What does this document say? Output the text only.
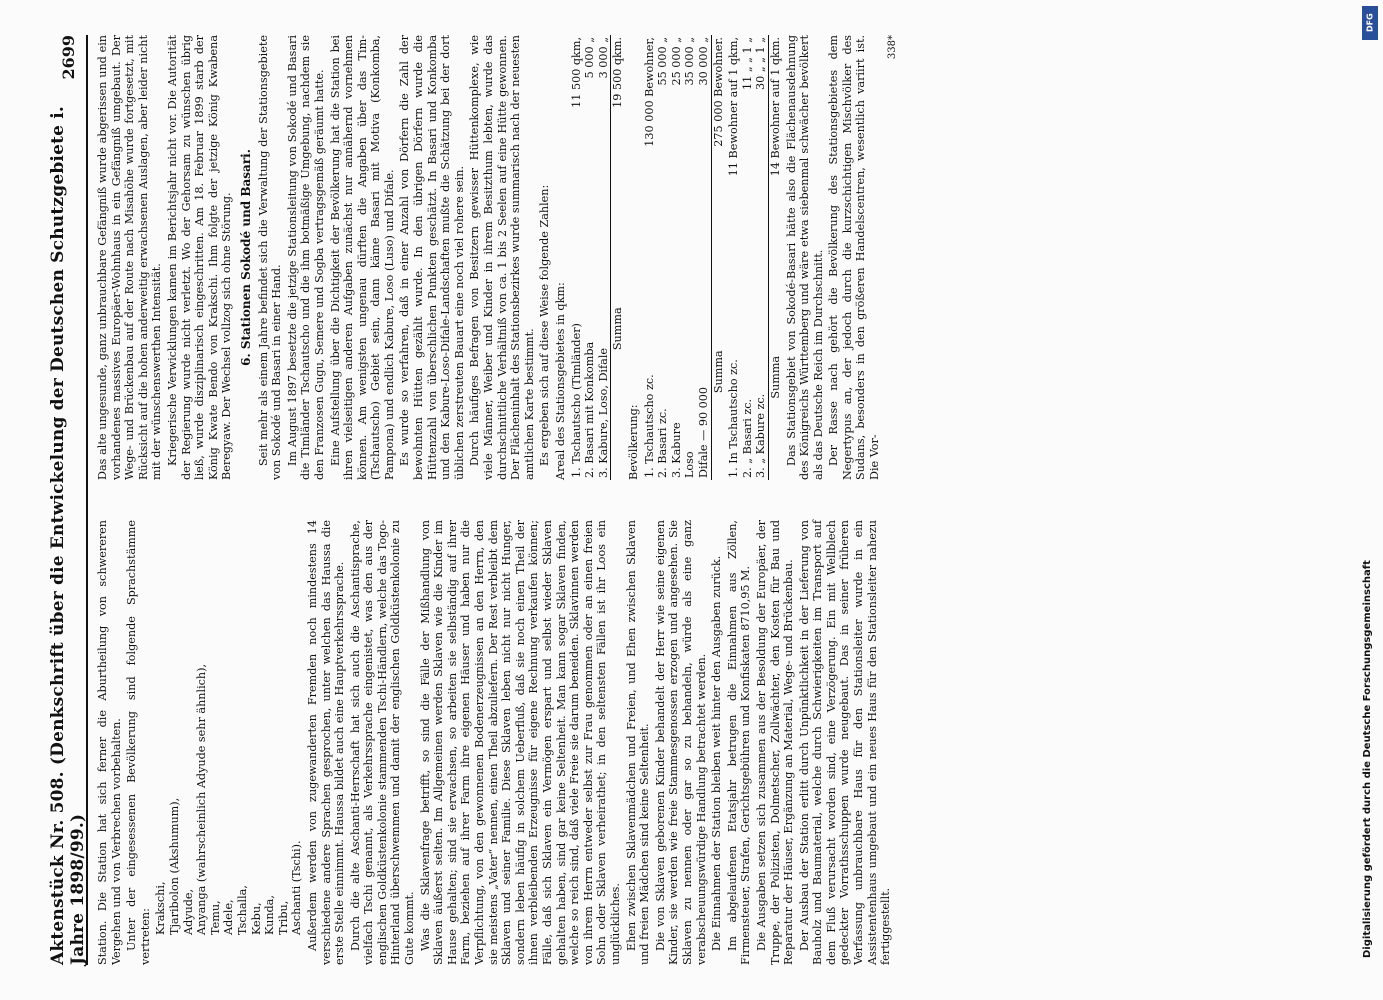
Aktenstück Nr. 508. (Denkschrift über die Entwickelung der Deutschen Schutzgebiete i. Jahre 1898/99.)
2699

Station. Die Station hat sich ferner die Aburtheilung von schwereren Vergehen und von Verbrechen vorbehalten. Unter der eingesessenen Bevölkerung sind folgende Sprachstämme vertreten: Krakschi, Tjaribolon (Akshumum), Adyude, Anyanga (wahrscheinlich Adyude sehr ähnlich), Temu, Adele, Tschalla, Kebu, Kunda, Tribu, Aschanti (Tschi). Außerdem werden von zugewanderten Fremden noch mindestens 14 verschiedene andere Sprachen gesprochen, unter welchen das Haussa die erste Stelle einnimmt. Haussa bildet auch eine Hauptverkehrssprache. Durch die alte Aschanti-Herrschaft hat sich auch die Aschantisprache, vielfach Tschi genannt, als Verkehrssprache eingenistet, was den aus der englischen Goldküstenkolonie stammenden Tschi-Händlern, welche das Togo-Hinterland überschwemmen und damit der englischen Goldküstenkolonie zu Gute kommt. Was die Sklavenfrage betrifft, so sind die Fälle der Mißhandlung von Sklaven äußerst selten. Im Allgemeinen werden Sklaven wie die Kinder im Hause gehalten; sind sie erwachsen, so arbeiten sie selbständig auf ihrer Farm, beziehen auf ihrer Farm ihre eigenen Häuser und haben nur die Verpflichtung, von den gewonnenen Bodenerzeugnissen an den Herrn, den sie meistens „Vater“ nennen, einen Theil abzuliefern. Der Rest verbleibt dem Sklaven und seiner Familie. Diese Sklaven leben nicht nur nicht Hunger, sondern leben häufig in solchem Ueberfluß, daß sie noch einen Theil der ihnen verbleibenden Erzeugnisse für eigene Rechnung verkaufen können; Fälle, daß sich Sklaven ein Vermögen erspart und selbst wieder Sklaven gehalten haben, sind gar keine Seltenheit. Man kann sogar Sklaven finden, welche so reich sind, daß viele Freie sie darum beneiden. Sklavinnen werden von ihrem Herrn entweder selbst zur Frau genommen oder an einen freien Sohn oder Sklaven verheirathet; in den seltensten Fällen ist ihr Loos ein unglückliches. Ehen zwischen Sklavenmädchen und Freien, und Ehen zwischen Sklaven und freien Mädchen sind keine Seltenheit. Die von Sklaven geborenen Kinder behandelt der Herr wie seine eigenen Kinder, sie werden wie freie Stammesgenossen erzogen und angesehen. Sie Sklaven zu nennen oder gar so zu behandeln, würde als eine ganz verabscheuungswürdige Handlung betrachtet werden. Die Einnahmen der Station bleiben weit hinter den Ausgaben zurück. Im abgelaufenen Etatsjahr betrugen die Einnahmen aus Zöllen, Firmensteuer, Strafen, Gerichtsgebühren und Konfiskaten 8710,95 M. Die Ausgaben setzen sich zusammen aus der Besoldung der Europäer, der Truppe, der Polizisten, Dolmetscher, Zollwächter, den Kosten für Bau und Reparatur der Häuser, Ergänzung an Material, Wege- und Brückenbau. Der Ausbau der Station erlitt durch Unpünktlichkeit in der Lieferung von Bauholz und Baumaterial, welche durch Schwierigkeiten im Transport auf dem Fluß verursacht worden sind, eine Verzögerung. Ein mit Wellblech gedeckter Vorrathsschuppen wurde neugebaut. Das in seiner früheren Verfassung unbrauchbare Haus für den Stationsleiter wurde in ein Assistentenhaus umgebaut und ein neues Haus für den Stationsleiter nahezu fertiggestellt.

Das alte ungesunde, ganz unbrauchbare Gefängniß wurde abgerissen und ein vorhandenes massives Europäer-Wohnhaus in ein Gefängniß umgebaut. Der Wege- und Brückenbau auf der Route nach Misahöhe wurde fortgesetzt, mit Rücksicht auf die hohen anderweitig erwachsenen Auslagen, aber leider nicht mit der wünschenswerthen Intensität. Kriegerische Verwicklungen kamen im Berichtsjahr nicht vor. Die Autorität der Regierung wurde nicht verletzt. Wo der Gehorsam zu wünschen übrig ließ, wurde disziplinarisch eingeschritten. Am 18. Februar 1899 starb der König Kwate Bendo von Krakschi. Ihm folgte der jetzige König Kwabena Beregyaw. Der Wechsel vollzog sich ohne Störung. 6. Stationen Sokodé und Basari. Seit mehr als einem Jahre befindet sich die Verwaltung der Stationsgebiete von Sokodé und Basari in einer Hand. Im August 1897 besetzte die jetzige Stationsleitung von Sokodé und Basari die Timländer Tschautscho und die ihm botmäßige Umgebung, nachdem sie den Franzosen Gugu, Semere und Sogba vertragsgemäß geräumt hatte. Eine Aufstellung über die Dichtigkeit der Bevölkerung hat die Station bei ihren vielseitigen anderen Aufgaben zunächst nur annähernd vornehmen können. Am wenigsten ungenau dürften die Angaben über das Tim-(Tschautscho) Gebiet sein, dann käme Basari mit Motiva (Konkomba, Pampona) und endlich Kabure, Loso (Luso) und Difale. Es wurde so verfahren, daß in einer Anzahl von Dörfern die Zahl der bewohnten Hütten gezählt wurde. In den übrigen Dörfern wurde die Hüttenzahl von überschlichen Punkten geschätzt. In Basari und Konkomba und den Kabure-Loso-Difale-Landschaften mußte die Schätzung bei der dort üblichen zerstreuten Bauart eine noch viel rohere sein. Durch häufiges Befragen von Besitzern gewisser Hüttenkomplexe, wie viele Männer, Weiber und Kinder in ihrem Besitzthum lebten, wurde das durchschnittliche Verhältniß von ca. 1 bis 2 Seelen auf eine Hütte gewonnen. Der Flächeninhalt des Stationsbezirkes wurde summarisch nach der neuesten amtlichen Karte bestimmt. Es ergeben sich auf diese Weise folgende Zahlen: Areal des Stationsgebietes in qkm: 1. Tschautscho (Timländer)	11 500 qkm,
2. Basari mit Konkomba	5 000 „
3. Kabure, Loso, Difale	3 000 „
Summa	19 500 qkm.

Bevölkerung: 1. Tschautscho zc.	130 000 Bewohner,
2. Basari zc.	55 000 „
3. Kabure	25 000 „
Loso	35 000 „
Difale — 90 000	30 000 „
Summa	275 000 Bewohner.
1. In Tschautscho zc.	11 Bewohner auf 1 qkm,
2. „ Basari zc.	11 „ „ 1 „
3. „ Kabure zc.	30 „ „ 1 „
Summa	14 Bewohner auf 1 qkm. Das Stationsgebiet von Sokodé-Basari hätte also die Flächenausdehnung des Königreichs Württemberg und wäre etwa siebenmal schwächer bevölkert als das Deutsche Reich im Durchschnitt. Der Rasse nach gehört die Bevölkerung des Stationsgebietes dem Negertypus an, der jedoch durch die kurzschichtigen Mischvölker des Sudans, besonders in den größeren Handelscentren, wesentlich variirt ist. Die Vor-

338*
DFG
Digitalisierung gefördert durch die Deutsche Forschungsgemeinschaft
